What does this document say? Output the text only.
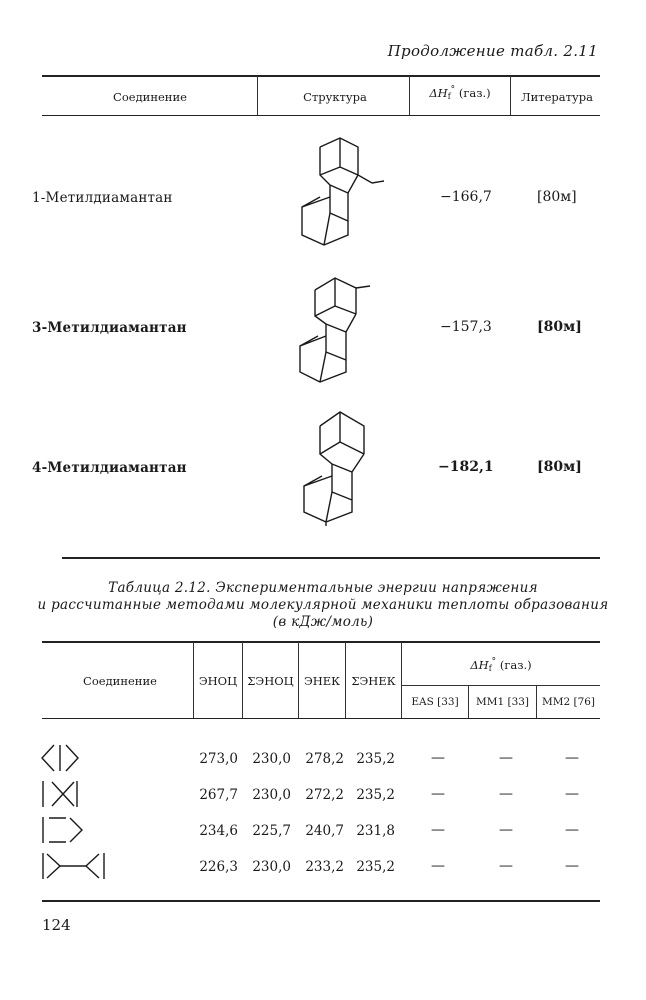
Продолжение табл. 2.11
Соединение	Структура	$\Delta H_f^\circ$ (газ.)	Литература
1-Метилдиамантан	−166,7	[80м]
3-Метилдиамантан	−157,3	[80м]
4-Метилдиамантан	−182,1	[80м]
Таблица 2.12. Экспериментальные энергии напряжения
и рассчитанные методами молекулярной механики теплоты образования
(в кДж/моль)
Соединение	ЭНОЦ ΣЭНОЦ ЭНЕК ΣЭНЕК
$\Delta H_f^\circ$ (газ.)
EAS [33]	MM1 [33]	MM2 [76]
273,0	230,0	278,2 235,2	—	—	—
267,7	230,0	272,2 235,2	—	—	—
234,6	225,7	240,7 231,8	—	—	—
226,3	230,0	233,2 235,2	—	—	—
124
